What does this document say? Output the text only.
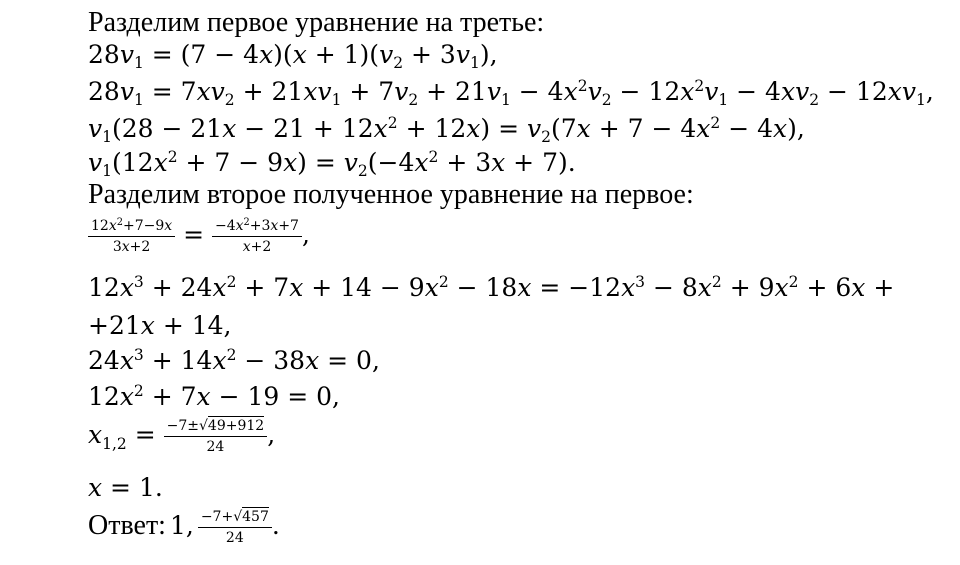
Разделим первое уравнение на третье:
$28v_1 = (7 - 4x)(x + 1)(v_2 + 3v_1)$,
$28v_1 = 7xv_2 + 21xv_1 + 7v_2 + 21v_1 - 4x^2v_2 - 12x^2v_1 - 4xv_2 - 12xv_1$,
$v_1(28 - 21x - 21 + 12x^2 + 12x) = v_2(7x + 7 - 4x^2 - 4x)$,
$v_1(12x^2 + 7 - 9x) = v_2(-4x^2 + 3x + 7)$.
Разделим второе полученное уравнение на первое:
$\frac{12x^2+7-9x}{3x+2} = \frac{-4x^2+3x+7}{x+2}$ ,
$12x^3 + 24x^2 + 7x + 14 - 9x^2 - 18x = -12x^3 - 8x^2 + 9x^2 + 6x$ +
+21x + 14,
$24x^3 + 14x^2 - 38x = 0$,
$12x^2 + 7x - 19 = 0$,
$x_{1,2} = \frac{-7\pm√49+912}{24}$ ,
x = 1.
Ответ: 1, $\frac{-7+√457}{24}$ .
